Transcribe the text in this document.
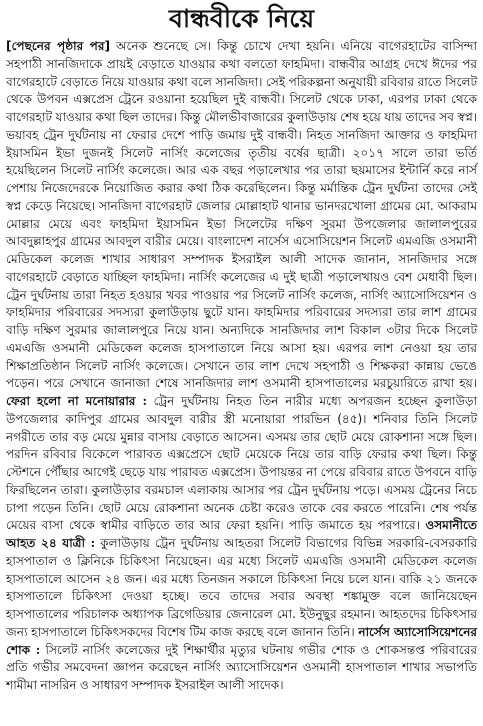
বান্ধবীকে নিয়ে

[পেছনের পৃষ্ঠার পর] অনেক শুনেছে সে। কিন্তু চোখে দেখা হয়নি। এনিয়ে বাগেরহাটের বাসিন্দা সহপাঠী সানজিদাকে প্রায়ই বেড়াতে যাওয়ার কথা বলতো ফাহমিদা। বান্ধবীর আগ্রহ দেখে ঈদের পর বাগেরহাটে বেড়াতে নিয়ে যাওয়ার কথা বলে সানজিদা। সেই পরিকল্পনা অনুযায়ী রবিবার রাতে সিলেট থেকে উপবন এক্সপ্রেস ট্রেনে রওয়ানা হয়েছিল দুই বান্ধবী। সিলেট থেকে ঢাকা, এরপর ঢাকা থেকে বাগেরহাট যাওয়ার কথা ছিল তাদের। কিন্তু মৌলভীবাজারের কুলাউড়ায় শেষ হয়ে যায় তাদের সব স্বপ্ন। ভয়াবহ ট্রেন দুর্ঘটনায় না ফেরার দেশে পাড়ি জমায় দুই বান্ধবী। নিহত সানজিদা আক্তার ও ফাহমিদা ইয়াসমিন ইভা দুজনই সিলেট নার্সিং কলেজের তৃতীয় বর্ষের ছাত্রী। ২০১৭ সালে তারা ভর্তি হয়েছিলেন সিলেট নার্সিং কলেজে। আর এক বছর পড়ালেখার পর তারা ছয়মাসের ইন্টার্নি করে নার্স পেশায় নিজেদেরকে নিয়োজিত করার কথা ঠিক করেছিলেন। কিন্তু মর্মান্তিক ট্রেন দুর্ঘটনা তাদের সেই স্বপ্ন কেড়ে নিয়েছে। সানজিদা বাগেরহাট জেলার মোল্লাহাট থানার ভানদরখোলা গ্রামের মো. আকরাম মোল্লার মেয়ে এবং ফাহমিদা ইয়াসমিন ইভা সিলেটের দক্ষিণ সুরমা উপজেলার জালালপুরের আবদুল্লাহপুর গ্রামের আবদুল বারীর মেয়ে। বাংলাদেশ নার্সেস এসোসিয়েশন সিলেট এমএজি ওসমানী মেডিকেল কলেজ শাখার সাধারণ সম্পাদক ইসরাইল আলী সাদেক জানান, সানজিদার সঙ্গে বাগেরহাটে বেড়াতে যাচ্ছিল ফাহমিদা। নার্সিং কলেজের এ দুই ছাত্রী পড়ালেখায়ও বেশ মেধাবী ছিল। ট্রেন দুর্ঘটনায় তারা নিহত হওয়ার খবর পাওয়ার পর সিলেট নার্সিং কলেজ, নার্সিং অ্যাসোসিয়েশন ও ফাহমিদার পরিবারের সদস্যরা কুলাউড়ায় ছুটে যান। ফাহমিদার পরিবারের সদস্যরা তার লাশ গ্রামের বাড়ি দক্ষিণ সুরমার জালালপুরে নিয়ে যান। অন্যদিকে সানজিদার লাশ বিকাল ৩টার দিকে সিলেট এমএজি ওসমানী মেডিকেল কলেজ হাসপাতালে নিয়ে আসা হয়। এরপর লাশ নেওয়া হয় তার শিক্ষাপ্রতিষ্ঠান সিলেট নার্সিং কলেজে। সেখানে তার লাশ দেখে সহপাঠী ও শিক্ষকরা কান্নায় ভেঙে পড়েন। পরে সেখানে জানাজা শেষে সানজিদার লাশ ওসমানী হাসপাতালের মরচুয়ারিতে রাখা হয়। ফেরা হলো না মনোয়ারার : ট্রেন দুর্ঘটনায় নিহত তিন নারীর মধ্যে অপরজন হচ্ছেন কুলাউড়া উপজেলার কাদিপুর গ্রামের আবদুল বারীর স্ত্রী মনোয়ারা পারভিন (৪৫)। শনিবার তিনি সিলেট নগরীতে তার বড় মেয়ে মুন্নার বাসায় বেড়াতে আসেন। এসময় তার ছোট মেয়ে রোকশানা সঙ্গে ছিল। পরদিন রবিবার বিকেলে পারাবত এক্সপ্রেসে ছোট মেয়েকে নিয়ে তার বাড়ি ফেরার কথা ছিল। কিন্তু স্টেশনে পৌঁছার আগেই ছেড়ে যায় পারাবত এক্সপ্রেস। উপায়ন্তর না পেয়ে রবিবার রাতে উপবনে বাড়ি ফিরছিলেন তারা। কুলাউড়ার বরমচাল এলাকায় আসার পর ট্রেন দুর্ঘটনায় পড়ে। এসময় ট্রেনের নিচে চাপা পড়েন তিনি। ছোট মেয়ে রোকশানা অনেক চেষ্টা করেও তাকে বের করতে পারেনি। শেষ পর্যন্ত মেয়ের বাসা থেকে স্বামীর বাড়িতে তার আর ফেরা হয়নি। পাড়ি জমাতে হয় পরপারে। ওসমানীতে আহত ২৪ যাত্রী : কুলাউড়ায় ট্রেন দুর্ঘটনায় আহতরা সিলেট বিভাগের বিভিন্ন সরকারি-বেসরকারি হাসপাতাল ও ক্লিনিকে চিকিৎসা নিয়েছেন। এর মধ্যে সিলেট এমএজি ওসমানী মেডিকেল কলেজ হাসপাতালে আসেন ২৪ জন। এর মধ্যে তিনজন সকালে চিকিৎসা নিয়ে চলে যান। বাকি ২১ জনকে হাসপাতালে চিকিৎসা দেওয়া হচ্ছে। তবে তাদের সবার অবস্থা শঙ্কামুক্ত বলে জানিয়েছেন হাসপাতালের পরিচালক অধ্যাপক ব্রিগেডিয়ার জেনারেল মো. ইউনুছুর রহমান। আহতদের চিকিৎসার জন্য হাসপাতালে চিকিৎসকদের বিশেষ টিম কাজ করছে বলে জানান তিনি। নার্সেস অ্যাসোসিয়েশনের শোক : সিলেট নার্সিং কলেজের দুই শিক্ষার্থীর মৃত্যুর ঘটনায় গভীর শোক ও শোকসন্তপ্ত পরিবারের প্রতি গভীর সমবেদনা জ্ঞাপন করেছেন নার্সিং অ্যাসোসিয়েশন ওসমানী হাসপাতাল শাখার সভাপতি শামীমা নাসরিন ও সাধারণ সম্পাদক ইসরাইল আলী সাদেক।
